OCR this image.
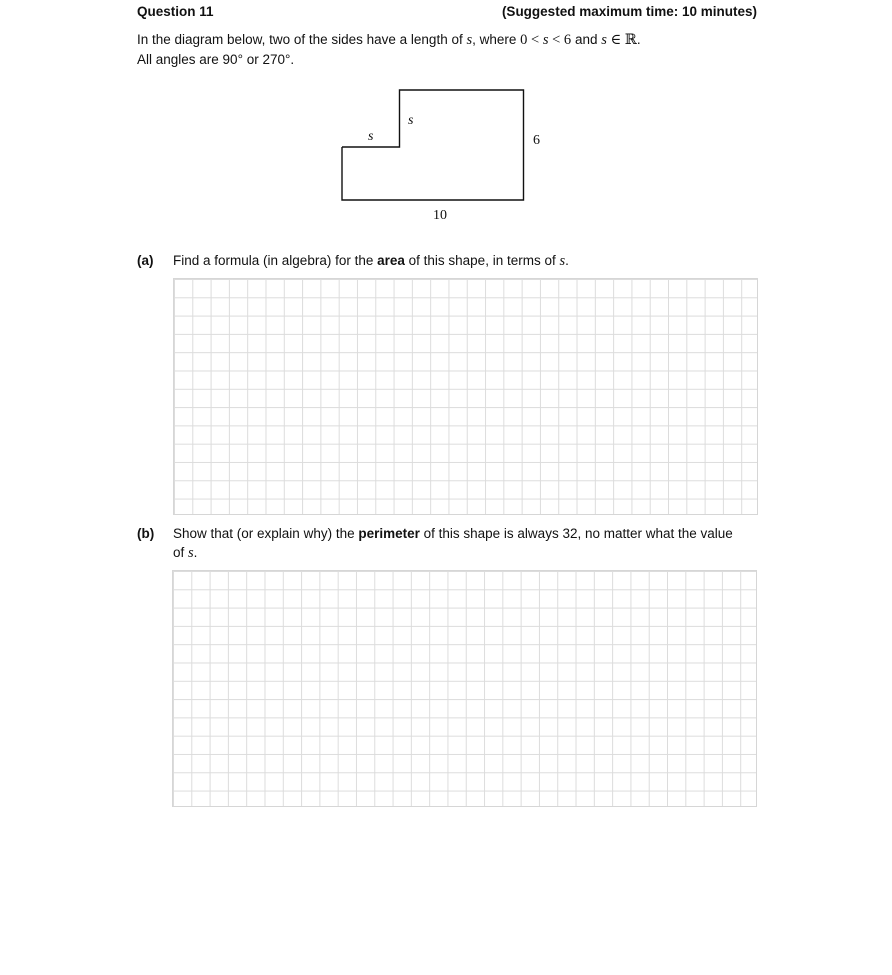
Question 11	(Suggested maximum time: 10 minutes)
In the diagram below, two of the sides have a length of s, where 0 < s < 6 and s ∈ ℝ.
All angles are 90° or 270°.
s
s	6
10
(a) Find a formula (in algebra) for the area of this shape, in terms of s.
(b) Show that (or explain why) the perimeter of this shape is always 32, no matter what the value of s.
